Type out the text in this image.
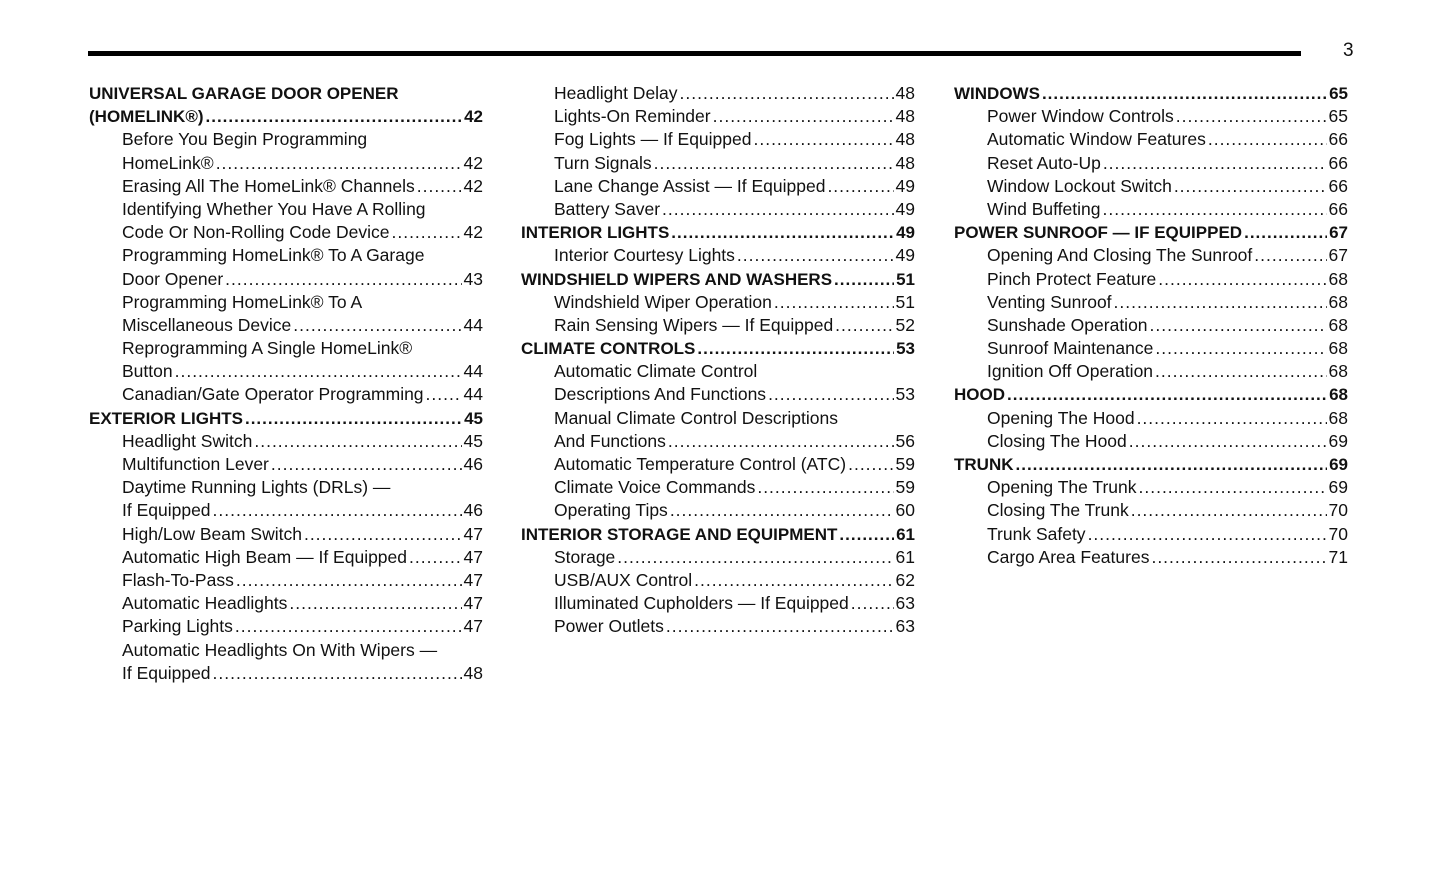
3
UNIVERSAL GARAGE DOOR OPENER
(HOMELINK®) .....	42
Before You Begin Programming
HomeLink® .....	42
Erasing All The HomeLink® Channels .....	42
Identifying Whether You Have A Rolling
Code Or Non-Rolling Code Device .....	42
Programming HomeLink® To A Garage
Door Opener .....	43
Programming HomeLink® To A
Miscellaneous Device .....	44
Reprogramming A Single HomeLink®
Button .....	44
Canadian/Gate Operator Programming ..... 44
EXTERIOR LIGHTS .....	45
Headlight Switch .....	45
Multifunction Lever .....	46
Daytime Running Lights (DRLs) —
If Equipped .....	46
High/Low Beam Switch .....	47
Automatic High Beam — If Equipped .....	47
Flash-To-Pass .....	47
Automatic Headlights .....	47
Parking Lights .....	47
Automatic Headlights On With Wipers —
If Equipped .....	48
Headlight Delay .....	48
Lights-On Reminder .....	48
Fog Lights — If Equipped .....	48
Turn Signals .....	48
Lane Change Assist — If Equipped .....	49
Battery Saver .....	49
INTERIOR LIGHTS .....	49
Interior Courtesy Lights .....	49
WINDSHIELD WIPERS AND WASHERS .....	51
Windshield Wiper Operation .....	51
Rain Sensing Wipers — If Equipped .....	52
CLIMATE CONTROLS .....	53
Automatic Climate Control
Descriptions And Functions .....	53
Manual Climate Control Descriptions
And Functions .....	56
Automatic Temperature Control (ATC) .....	59
Climate Voice Commands .....	59
Operating Tips .....	60
INTERIOR STORAGE AND EQUIPMENT .....	61
Storage .....	61
USB/AUX Control .....	62
Illuminated Cupholders — If Equipped .....	63
Power Outlets .....	63
WINDOWS .....	65
Power Window Controls .....	65
Automatic Window Features .....	66
Reset Auto-Up .....	66
Window Lockout Switch .....	66
Wind Buffeting .....	66
POWER SUNROOF — IF EQUIPPED .....	67
Opening And Closing The Sunroof .....	67
Pinch Protect Feature .....	68
Venting Sunroof .....	68
Sunshade Operation .....	68
Sunroof Maintenance .....	68
Ignition Off Operation .....	68
HOOD .....	68
Opening The Hood .....	68
Closing The Hood .....	69
TRUNK .....	69
Opening The Trunk .....	69
Closing The Trunk .....	70
Trunk Safety .....	70
Cargo Area Features .....	71
